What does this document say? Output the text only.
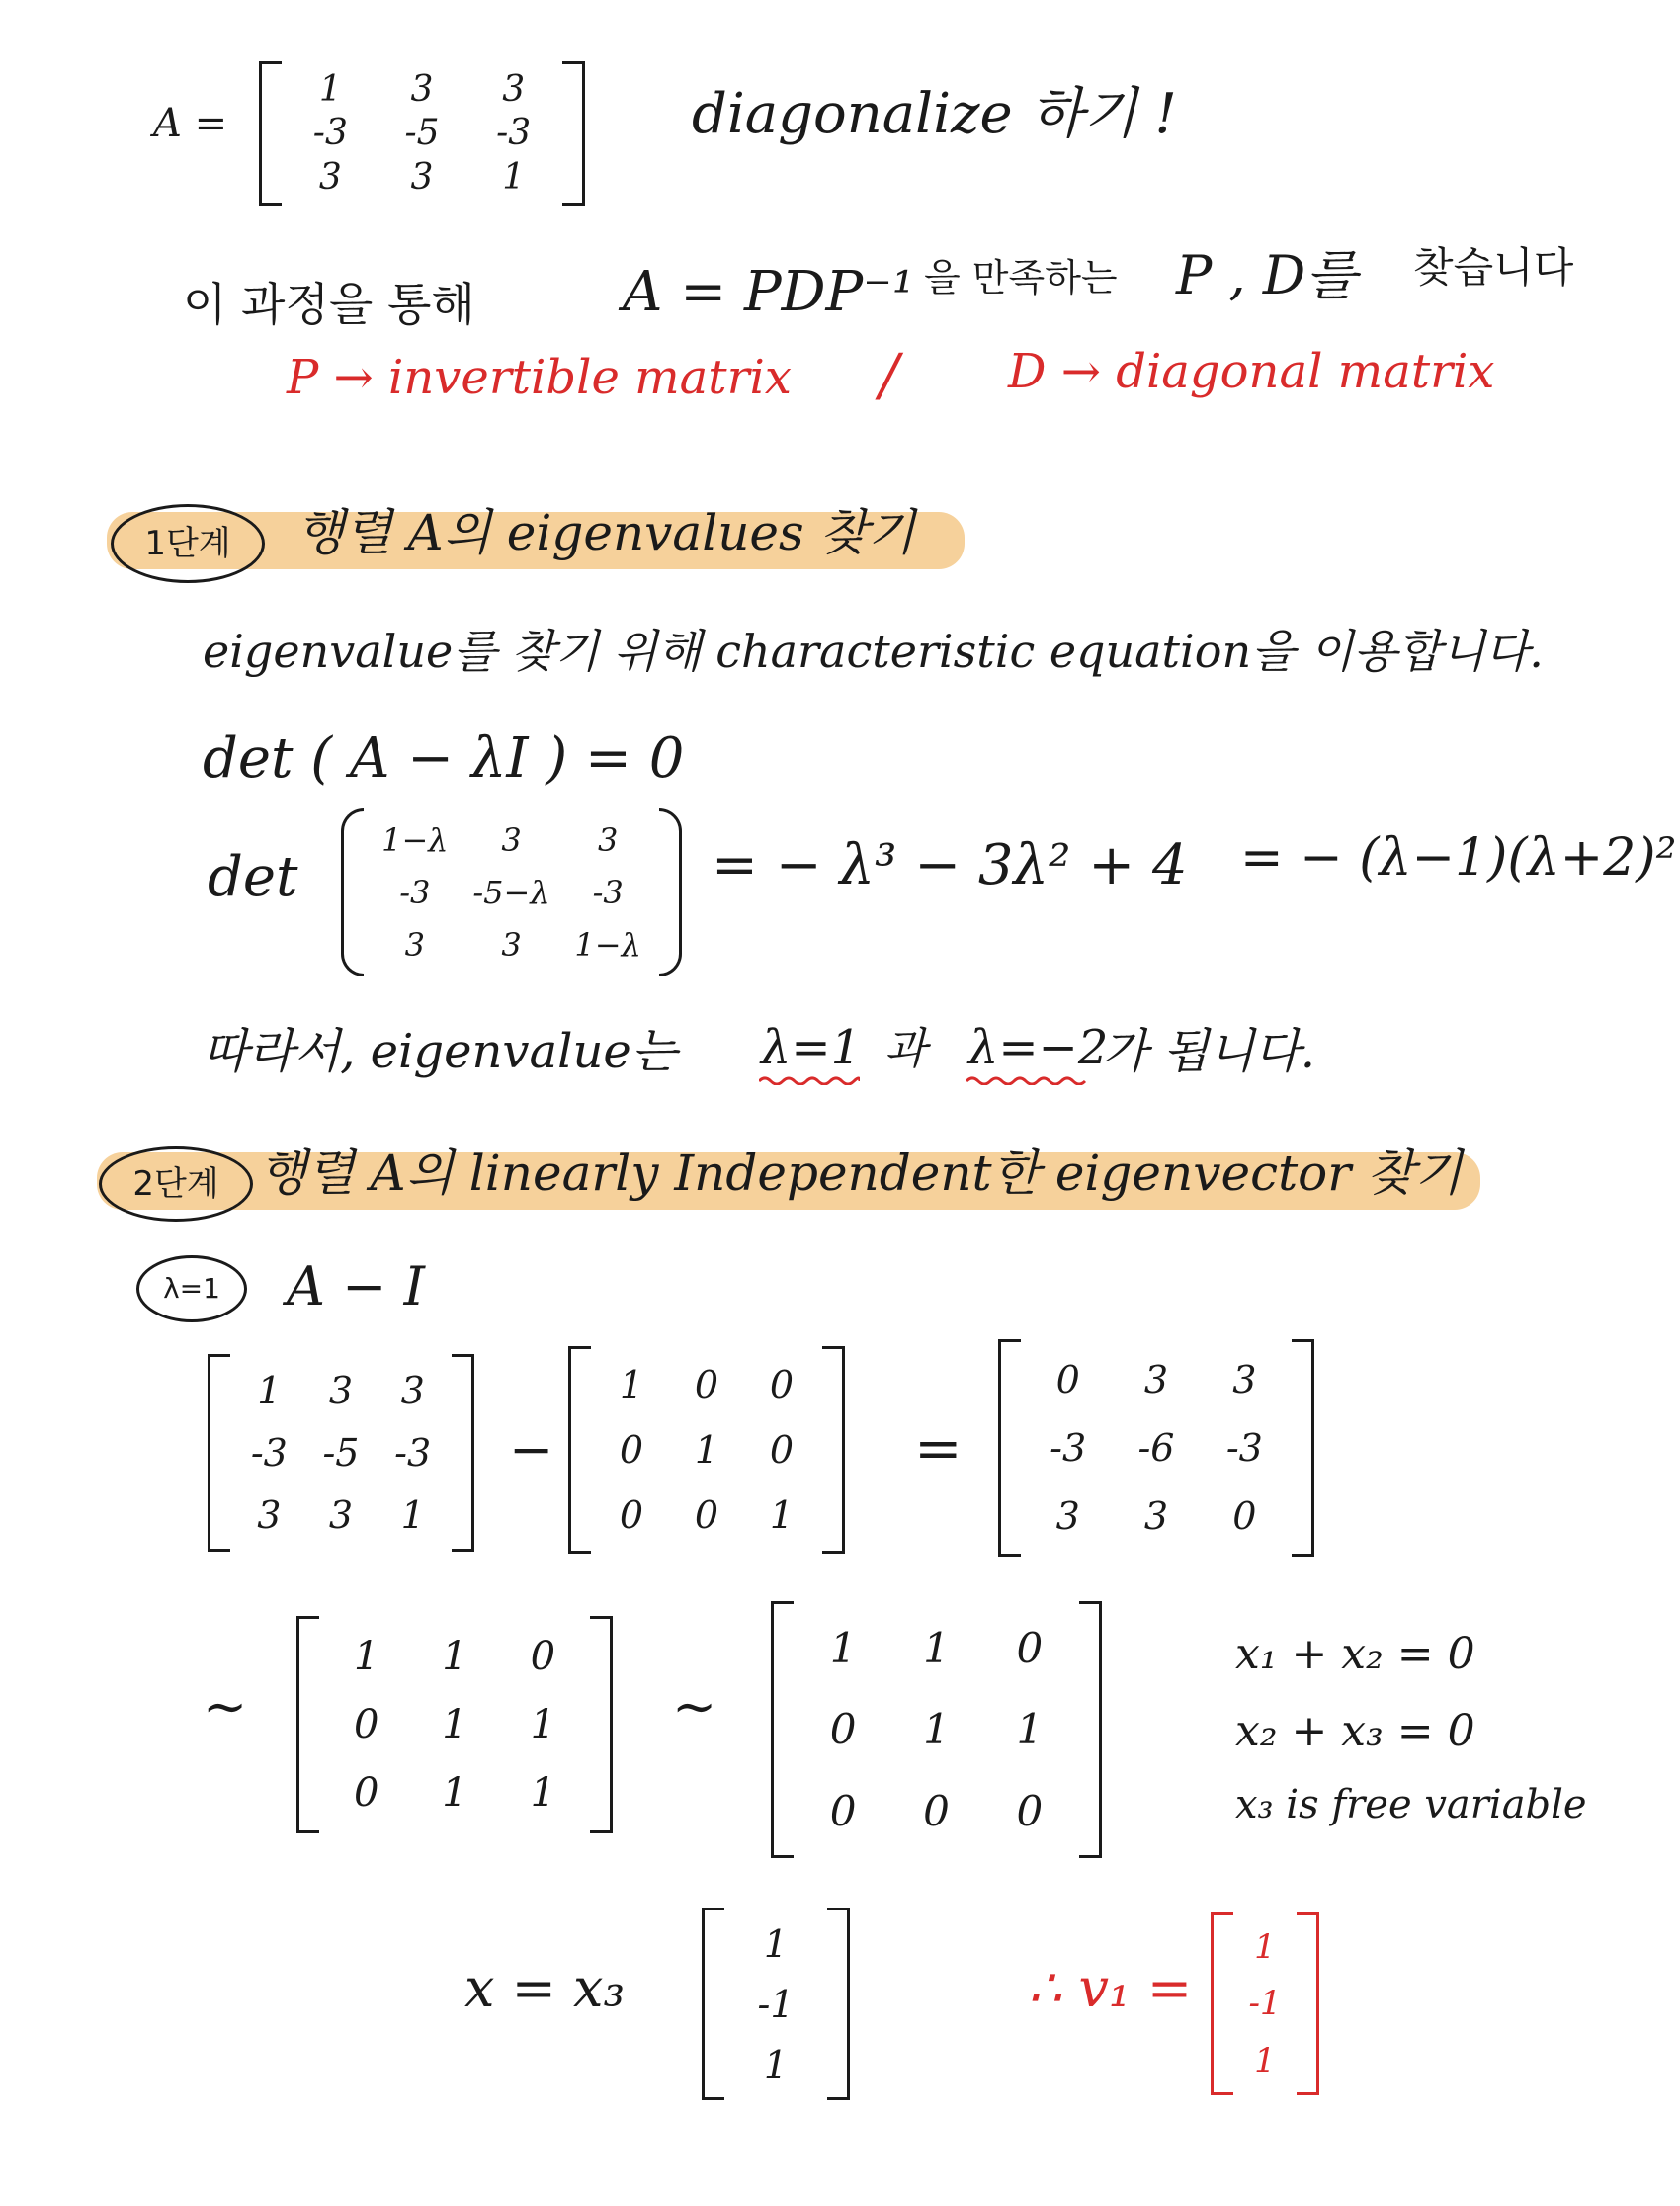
A =
1 3 3
-3 -5 -3
3 3 1
diagonalize 하기 !
이 과정을 통해	A = PDP⁻¹ 을 만족하는 P , D를 찾습니다
P → invertible matrix / D → diagonal matrix
1단계	행렬 A의 eigenvalues 찾기
eigenvalue를 찾기 위해 characteristic equation을 이용합니다.
det ( A − λI ) = 0
det
1−λ 3 3
-3 -5−λ -3
3 3 1−λ
= − λ³ − 3λ² + 4 = − (λ−1)(λ+2)²
따라서, eigenvalue는 λ=1 과 λ=−2
가 됩니다.
2단계 행렬 A의 linearly Independent한 eigenvector 찾기
λ=1	A − I
1 3 3
-3 -5 -3
3 3 1
−
1 0 0
0 1 0
0 0 1
=
0 3 3
-3 -6 -3
3 3 0
∼
1 1 0
0 1 1
0 1 1
∼
1 1 0
0 1 1
0 0 0
x₁ + x₂ = 0
x₂ + x₃ = 0
x₃ is free variable
x = x₃
1
-1
1
∴ v₁ =
1
-1
1
